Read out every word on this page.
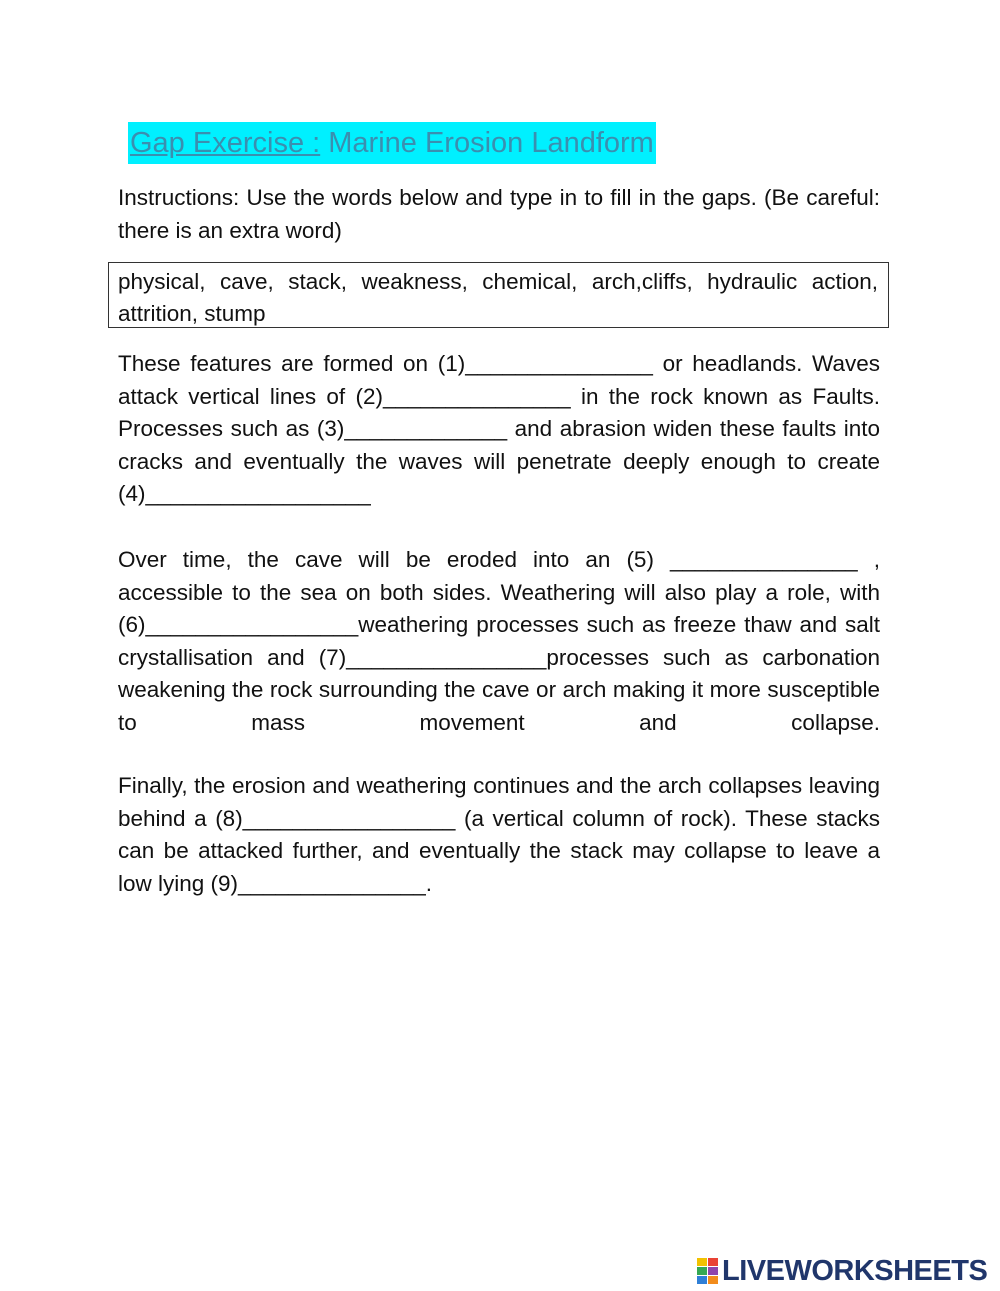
Gap Exercise : Marine Erosion Landform
Instructions: Use the words below and type in to fill in the gaps. (Be careful: there is an extra word)
physical, cave, stack, weakness, chemical, arch,cliffs, hydraulic action, attrition, stump
These features are formed on (1)_______________ or headlands. Waves attack vertical lines of (2)_______________ in the rock known as Faults. Processes such as (3)_____________ and abrasion widen these faults into cracks and eventually the waves will penetrate deeply enough to create (4)__________________
Over time, the cave will be eroded into an (5) _______________ , accessible to the sea on both sides. Weathering will also play a role, with (6)_________________weathering processes such as freeze thaw and salt crystallisation and (7)________________processes such as carbonation weakening the rock surrounding the cave or arch making it more susceptible to mass movement and collapse.
Finally, the erosion and weathering continues and the arch collapses leaving behind a (8)_________________ (a vertical column of rock). These stacks can be attacked further, and eventually the stack may collapse to leave a low lying (9)_______________.
LIVEWORKSHEETS
